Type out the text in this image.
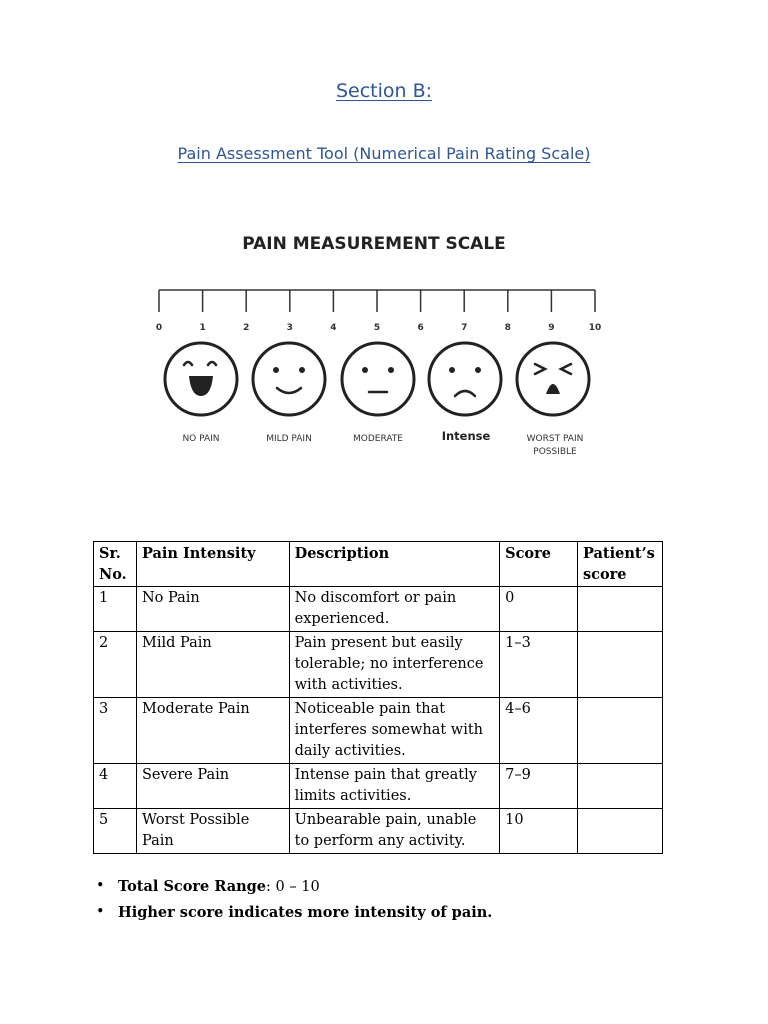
Section B:
Pain Assessment Tool (Numerical Pain Rating Scale)
PAIN MEASUREMENT SCALE
0	1	2	3	4	5	6	7	8	9	10
NO PAIN	MILD PAIN	MODERATE	Intense	WORST PAIN
POSSIBLE
Sr. No.	Pain Intensity	Description	Score	Patient’s score
1	No Pain	No discomfort or pain experienced.	0	
2	Mild Pain	Pain present but easily tolerable; no interference with activities.	1–3	
3	Moderate Pain	Noticeable pain that interferes somewhat with daily activities.	4–6	
4	Severe Pain	Intense pain that greatly limits activities.	7–9	
5	Worst Possible Pain	Unbearable pain, unable to perform any activity.	10	
• Total Score Range: 0 – 10
• Higher score indicates more intensity of pain.
